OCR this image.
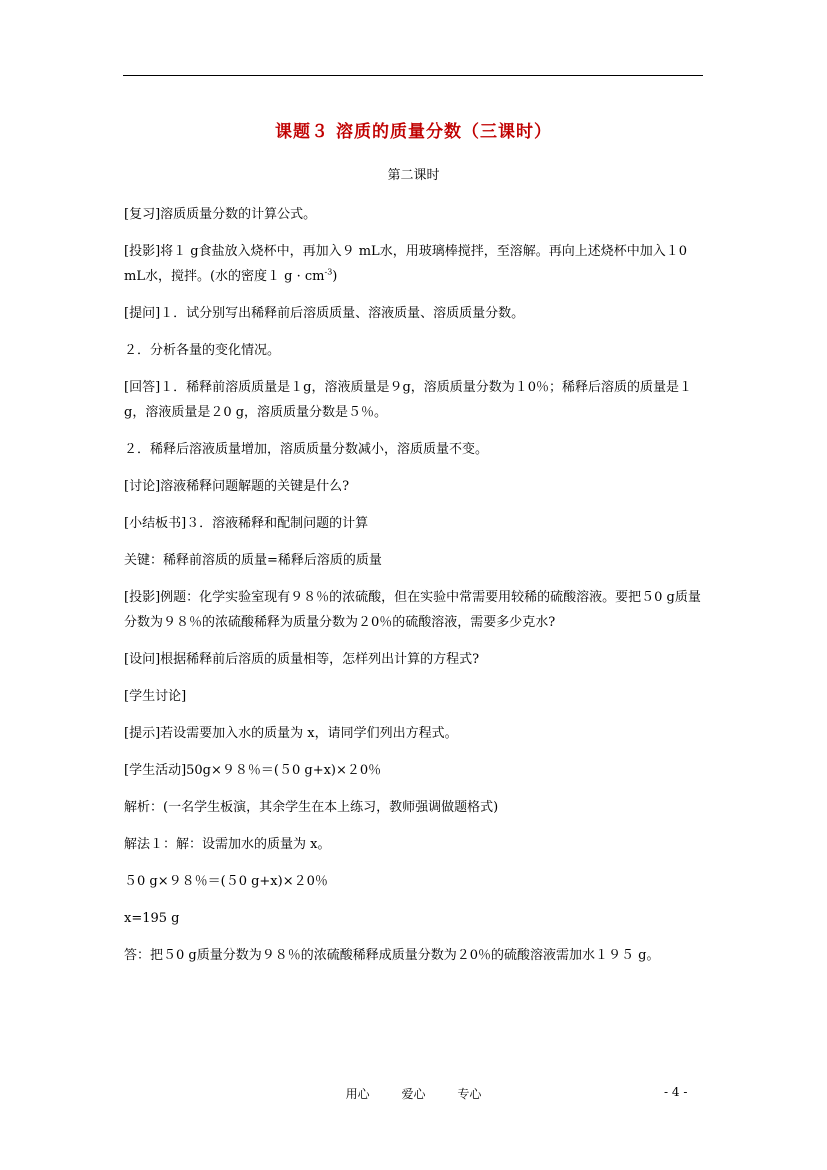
课题３ 溶质的质量分数（三课时）
第二课时

[复习]溶质质量分数的计算公式。

[投影]将１ g食盐放入烧杯中，再加入９ mL水，用玻璃棒搅拌，至溶解。再向上述烧杯中加入１0 mL水，搅拌。(水的密度１ $g \cdot cm^{-3}$)

[提问]１．试分别写出稀释前后溶质质量、溶液质量、溶质质量分数。

２．分析各量的变化情况。

[回答]１．稀释前溶质质量是１g，溶液质量是９g，溶质质量分数为１0％；稀释后溶质的质量是１ g，溶液质量是２0 g，溶质质量分数是５％。

２．稀释后溶液质量增加，溶质质量分数减小，溶质质量不变。

[讨论]溶液稀释问题解题的关键是什么?

[小结板书]３．溶液稀释和配制问题的计算

关键：稀释前溶质的质量=稀释后溶质的质量

[投影]例题：化学实验室现有９８％的浓硫酸，但在实验中常需要用较稀的硫酸溶液。要把５0 g质量分数为９８％的浓硫酸稀释为质量分数为２0％的硫酸溶液，需要多少克水?

[设问]根据稀释前后溶质的质量相等，怎样列出计算的方程式?

[学生讨论]

[提示]若设需要加入水的质量为 x，请同学们列出方程式。

[学生活动]50g×９８％＝(５0 g+x)×２0％

解析：(一名学生板演，其余学生在本上练习，教师强调做题格式)

解法１：解：设需加水的质量为 x。

５0 g×９８％＝(５0 g+x)×２0％

x=195 g

答：把５0 g质量分数为９８％的浓硫酸稀释成质量分数为２0％的硫酸溶液需加水１９５ g。

用心	爱心	专心	- 4 -
